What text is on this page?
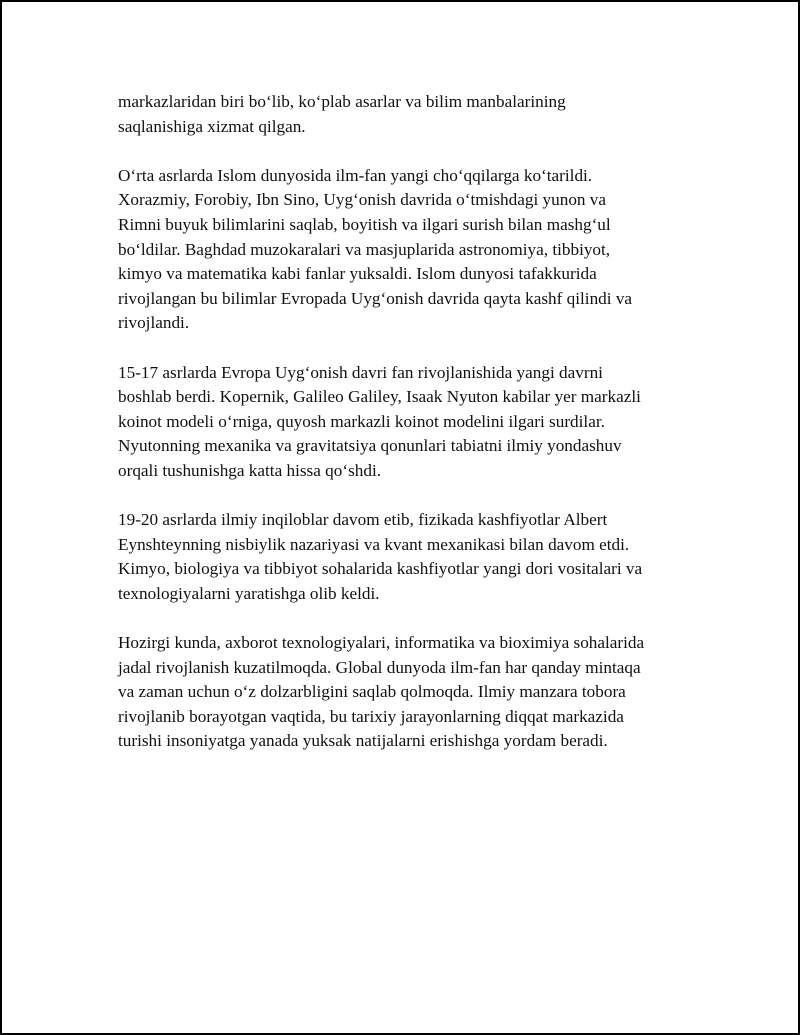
markazlaridan biri bo‘lib, ko‘plab asarlar va bilim manbalarining
saqlanishiga xizmat qilgan.

O‘rta asrlarda Islom dunyosida ilm-fan yangi cho‘qqilarga ko‘tarildi.
Xorazmiy, Forobiy, Ibn Sino, Uyg‘onish davrida o‘tmishdagi yunon va
Rimni buyuk bilimlarini saqlab, boyitish va ilgari surish bilan mashg‘ul
bo‘ldilar. Baghdad muzokaralari va masjuplarida astronomiya, tibbiyot,
kimyo va matematika kabi fanlar yuksaldi. Islom dunyosi tafakkurida
rivojlangan bu bilimlar Evropada Uyg‘onish davrida qayta kashf qilindi va
rivojlandi.

15-17 asrlarda Evropa Uyg‘onish davri fan rivojlanishida yangi davrni
boshlab berdi. Kopernik, Galileo Galiley, Isaak Nyuton kabilar yer markazli
koinot modeli o‘rniga, quyosh markazli koinot modelini ilgari surdilar.
Nyutonning mexanika va gravitatsiya qonunlari tabiatni ilmiy yondashuv
orqali tushunishga katta hissa qo‘shdi.

19-20 asrlarda ilmiy inqiloblar davom etib, fizikada kashfiyotlar Albert
Eynshteynning nisbiylik nazariyasi va kvant mexanikasi bilan davom etdi.
Kimyo, biologiya va tibbiyot sohalarida kashfiyotlar yangi dori vositalari va
texnologiyalarni yaratishga olib keldi.

Hozirgi kunda, axborot texnologiyalari, informatika va bioximiya sohalarida
jadal rivojlanish kuzatilmoqda. Global dunyoda ilm-fan har qanday mintaqa
va zaman uchun o‘z dolzarbligini saqlab qolmoqda. Ilmiy manzara tobora
rivojlanib borayotgan vaqtida, bu tarixiy jarayonlarning diqqat markazida
turishi insoniyatga yanada yuksak natijalarni erishishga yordam beradi.
